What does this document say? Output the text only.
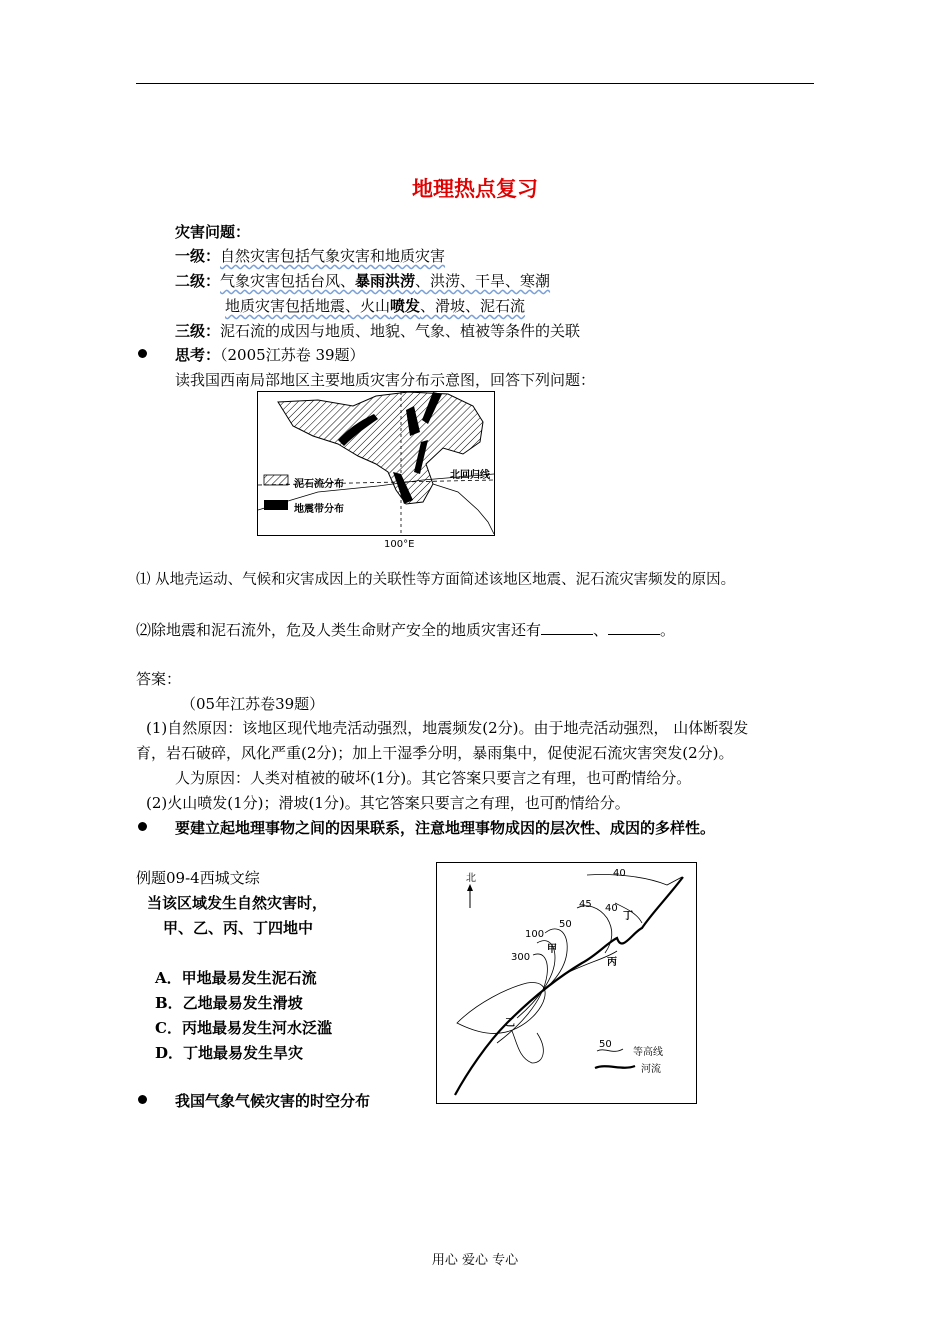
地理热点复习
灾害问题：
一级：自然灾害包括气象灾害和地质灾害
二级：气象灾害包括台风、暴雨洪涝、洪涝、干旱、寒潮
地质灾害包括地震、火山喷发、滑坡、泥石流
三级：泥石流的成因与地质、地貌、气象、植被等条件的关联
思考：（2005江苏卷 39题）
读我国西南局部地区主要地质灾害分布示意图，回答下列问题：
泥石流分布
地震带分布
北回归线
100°E
⑴ 从地壳运动、气候和灾害成因上的关联性等方面简述该地区地震、泥石流灾害频发的原因。
⑵除地震和泥石流外，危及人类生命财产安全的地质灾害还有	、	。
答案：
（05年江苏卷39题）
(1)自然原因：该地区现代地壳活动强烈，地震频发(2分)。由于地壳活动强烈， 山体断裂发
育，岩石破碎，风化严重(2分)；加上干湿季分明，暴雨集中，促使泥石流灾害突发(2分)。
人为原因：人类对植被的破坏(1分)。其它答案只要言之有理，也可酌情给分。
(2)火山喷发(1分)；滑坡(1分)。其它答案只要言之有理，也可酌情给分。
要建立起地理事物之间的因果联系，注意地理事物成因的层次性、成因的多样性。
例题09-4西城文综
当该区域发生自然灾害时，
甲、乙、丙、丁四地中
A．甲地最易发生泥石流
B．乙地最易发生滑坡
C．丙地最易发生河水泛滥
D．丁地最易发生旱灾
北	40
45 40
50
100
300
甲
乙
丙
丁
50
等高线
河流
我国气象气候灾害的时空分布
用心 爱心 专心
